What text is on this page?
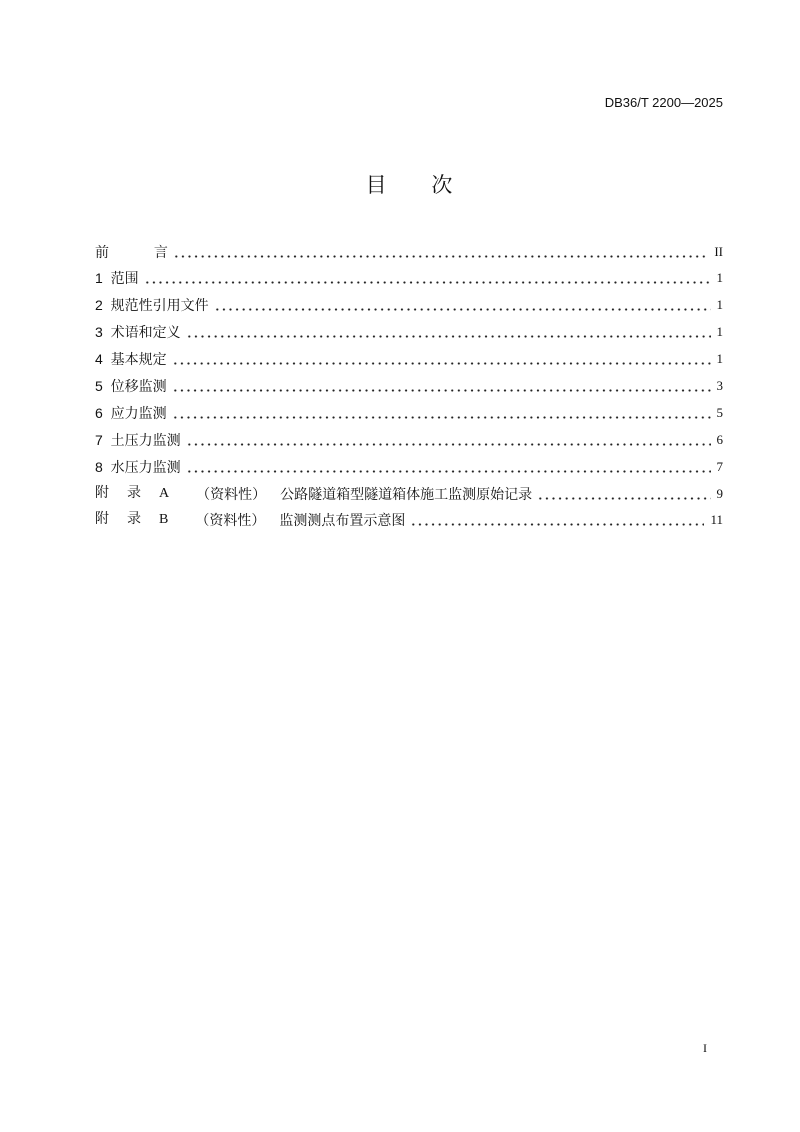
DB36/T 2200—2025
目 次
前 言	II
1 范围	1
2 规范性引用文件	1
3 术语和定义	1
4 基本规定	1
5 位移监测	3
6 应力监测	5
7 土压力监测	6
8 水压力监测	7
附 录 A （资料性） 公路隧道箱型隧道箱体施工监测原始记录	9
附 录 B （资料性） 监测测点布置示意图	11
I
